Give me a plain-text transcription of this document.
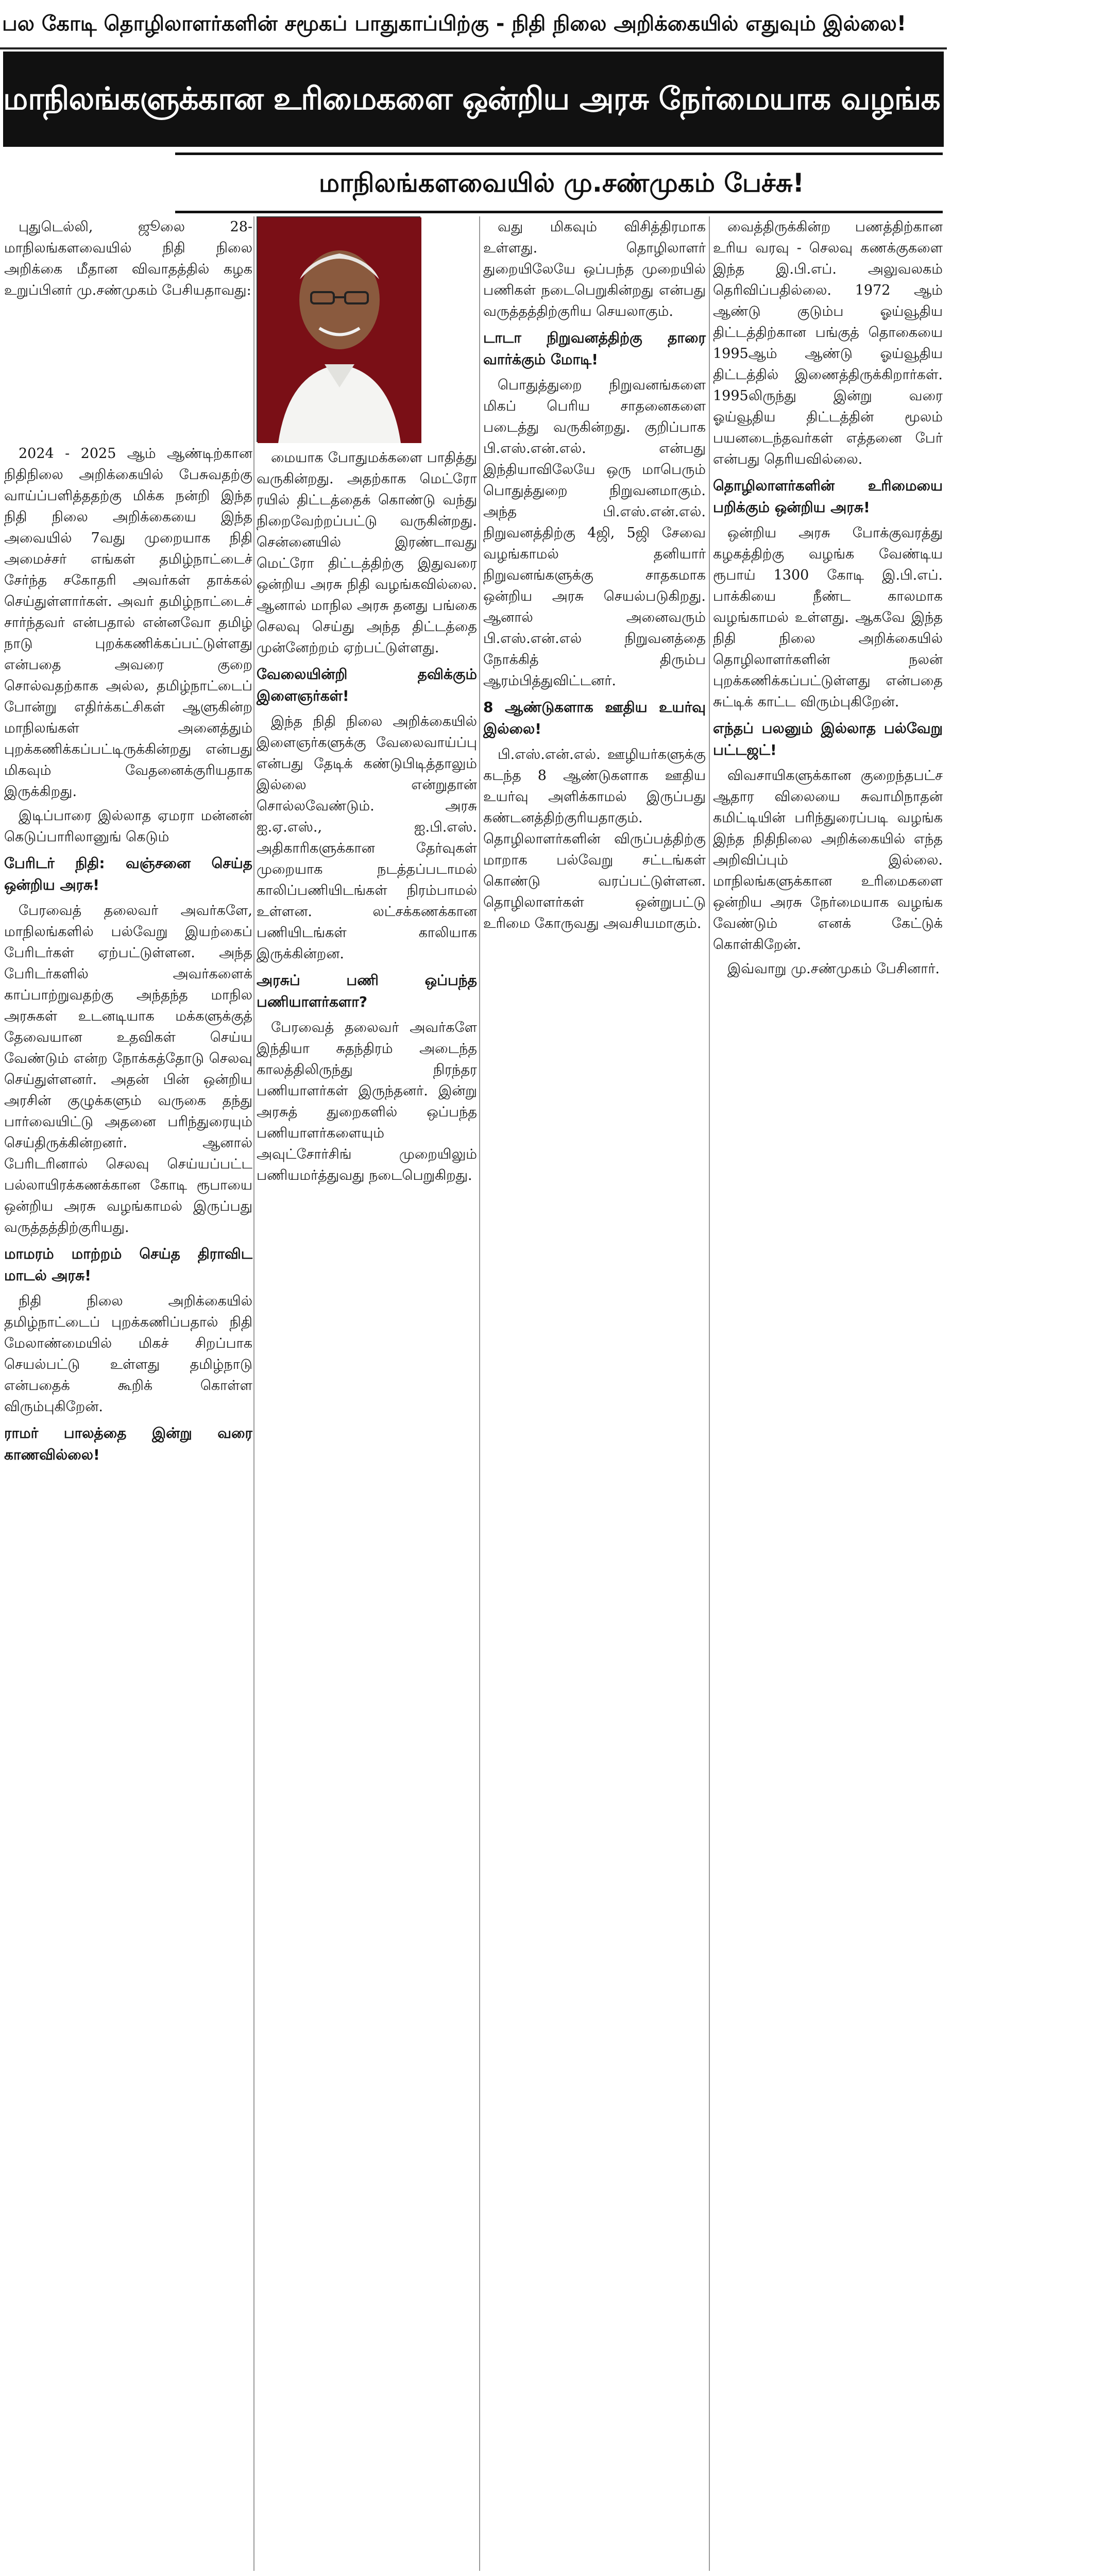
பல கோடி தொழிலாளர்களின் சமூகப் பாதுகாப்பிற்கு - நிதி நிலை அறிக்கையில் எதுவும் இல்லை!
மாநிலங்களுக்கான உரிமைகளை ஒன்றிய அரசு நேர்மையாக வழங்க வேண்டும்!
மாநிலங்களவையில் மு.சண்முகம் பேச்சு!

புதுடெல்லி, ஜூலை 28- மாநிலங்களவையில் நிதி நிலை அறிக்கை மீதான விவாதத்தில் கழக உறுப்பினர் மு.சண்முகம் பேசியதாவது:

2024 - 2025 ஆம் ஆண்டிற்கான நிதிநிலை அறிக்கையில் பேசுவதற்கு வாய்ப்பளித்ததற்கு மிக்க நன்றி இந்த நிதி நிலை அறிக்கையை இந்த அவையில் 7வது முறையாக நிதி அமைச்சர் எங்கள் தமிழ்நாட்டைச் சேர்ந்த சகோதரி அவர்கள் தாக்கல் செய்துள்ளார்கள். அவர் தமிழ்நாட்டைச் சார்ந்தவர் என்பதால் என்னவோ தமிழ் நாடு புறக்கணிக்கப்பட்டுள்ளது என்பதை அவரை குறை சொல்வதற்காக அல்ல, தமிழ்நாட்டைப் போன்று எதிர்க்கட்சிகள் ஆளுகின்ற மாநிலங்கள் அனைத்தும் புறக்கணிக்கப்பட்டிருக்கின்றது என்பது மிகவும் வேதனைக்குரியதாக இருக்கிறது.

இடிப்பாரை இல்லாத ஏமரா மன்னன் கெடுப்பாரிலானுங் கெடும்

பேரிடர் நிதி: வஞ்சனை செய்த ஒன்றிய அரசு!

பேரவைத் தலைவர் அவர்களே, மாநிலங்களில் பல்வேறு இயற்கைப் பேரிடர்கள் ஏற்பட்டுள்ளன. அந்த பேரிடர்களில் அவர்களைக் காப்பாற்றுவதற்கு அந்தந்த மாநில அரசுகள் உடனடியாக மக்களுக்குத் தேவையான உதவிகள் செய்ய வேண்டும் என்ற நோக்கத்தோடு செலவு செய்துள்ளனர். அதன் பின் ஒன்றிய அரசின் குழுக்களும் வருகை தந்து பார்வையிட்டு அதனை பரிந்துரையும் செய்திருக்கின்றனர். ஆனால் பேரிடரினால் செலவு செய்யப்பட்ட பல்லாயிரக்கணக்கான கோடி ரூபாயை ஒன்றிய அரசு வழங்காமல் இருப்பது வருத்தத்திற்குரியது.

மாமரம் மாற்றம் செய்த திராவிட மாடல் அரசு!

நிதி நிலை அறிக்கையில் தமிழ்நாட்டைப் புறக்கணிப்பதால் நிதி மேலாண்மையில் மிகச் சிறப்பாக செயல்பட்டு உள்ளது தமிழ்நாடு என்பதைக் கூறிக் கொள்ள விரும்புகிறேன்.

ராமர் பாலத்தை இன்று வரை காணவில்லை!

மையாக போதுமக்களை பாதித்து வருகின்றது. அதற்காக மெட்ரோ ரயில் திட்டத்தைக் கொண்டு வந்து நிறைவேற்றப்பட்டு வருகின்றது. சென்னையில் இரண்டாவது மெட்ரோ திட்டத்திற்கு இதுவரை ஒன்றிய அரசு நிதி வழங்கவில்லை. ஆனால் மாநில அரசு தனது பங்கை செலவு செய்து அந்த திட்டத்தை முன்னேற்றம் ஏற்பட்டுள்ளது.

வேலையின்றி தவிக்கும் இளைஞர்கள்!

இந்த நிதி நிலை அறிக்கையில் இளைஞர்களுக்கு வேலைவாய்ப்பு என்பது தேடிக் கண்டுபிடித்தாலும் இல்லை என்றுதான் சொல்லவேண்டும். அரசு ஐ.ஏ.எஸ்., ஐ.பி.எஸ். அதிகாரிகளுக்கான தேர்வுகள் முறையாக நடத்தப்படாமல் காலிப்பணியிடங்கள் நிரம்பாமல் உள்ளன. லட்சக்கணக்கான பணியிடங்கள் காலியாக இருக்கின்றன.

அரசுப் பணி ஒப்பந்த பணியாளர்களா?

பேரவைத் தலைவர் அவர்களே இந்தியா சுதந்திரம் அடைந்த காலத்திலிருந்து நிரந்தர பணியாளர்கள் இருந்தனர். இன்று அரசுத் துறைகளில் ஒப்பந்த பணியாளர்களையும் அவுட்சோர்சிங் முறையிலும் பணியமர்த்துவது நடைபெறுகிறது.

வது மிகவும் விசித்திரமாக உள்ளது. தொழிலாளர் துறையிலேயே ஒப்பந்த முறையில் பணிகள் நடைபெறுகின்றது என்பது வருத்தத்திற்குரிய செயலாகும்.

டாடா நிறுவனத்திற்கு தாரை வார்க்கும் மோடி!

பொதுத்துறை நிறுவனங்களை மிகப் பெரிய சாதனைகளை படைத்து வருகின்றது. குறிப்பாக பி.எஸ்.என்.எல். என்பது இந்தியாவிலேயே ஒரு மாபெரும் பொதுத்துறை நிறுவனமாகும். அந்த பி.எஸ்.என்.எல். நிறுவனத்திற்கு 4ஜி, 5ஜி சேவை வழங்காமல் தனியார் நிறுவனங்களுக்கு சாதகமாக ஒன்றிய அரசு செயல்படுகிறது. ஆனால் அனைவரும் பி.எஸ்.என்.எல் நிறுவனத்தை நோக்கித் திரும்ப ஆரம்பித்துவிட்டனர்.

8 ஆண்டுகளாக ஊதிய உயர்வு இல்லை!

பி.எஸ்.என்.எல். ஊழியர்களுக்கு கடந்த 8 ஆண்டுகளாக ஊதிய உயர்வு அளிக்காமல் இருப்பது கண்டனத்திற்குரியதாகும். தொழிலாளர்களின் விருப்பத்திற்கு மாறாக பல்வேறு சட்டங்கள் கொண்டு வரப்பட்டுள்ளன. தொழிலாளர்கள் ஒன்றுபட்டு உரிமை கோருவது அவசியமாகும்.

வைத்திருக்கின்ற பணத்திற்கான உரிய வரவு - செலவு கணக்குகளை இந்த இ.பி.எப். அலுவலகம் தெரிவிப்பதில்லை. 1972 ஆம் ஆண்டு குடும்ப ஓய்வூதிய திட்டத்திற்கான பங்குத் தொகையை 1995ஆம் ஆண்டு ஓய்வூதிய திட்டத்தில் இணைத்திருக்கிறார்கள். 1995லிருந்து இன்று வரை ஓய்வூதிய திட்டத்தின் மூலம் பயனடைந்தவர்கள் எத்தனை பேர் என்பது தெரியவில்லை.

தொழிலாளர்களின் உரிமையை பறிக்கும் ஒன்றிய அரசு!

ஒன்றிய அரசு போக்குவரத்து கழகத்திற்கு வழங்க வேண்டிய ரூபாய் 1300 கோடி இ.பி.எப். பாக்கியை நீண்ட காலமாக வழங்காமல் உள்ளது. ஆகவே இந்த நிதி நிலை அறிக்கையில் தொழிலாளர்களின் நலன் புறக்கணிக்கப்பட்டுள்ளது என்பதை சுட்டிக் காட்ட விரும்புகிறேன்.

எந்தப் பலனும் இல்லாத பல்வேறு பட்டஜட்!

விவசாயிகளுக்கான குறைந்தபட்ச ஆதார விலையை சுவாமிநாதன் கமிட்டியின் பரிந்துரைப்படி வழங்க இந்த நிதிநிலை அறிக்கையில் எந்த அறிவிப்பும் இல்லை. மாநிலங்களுக்கான உரிமைகளை ஒன்றிய அரசு நேர்மையாக வழங்க வேண்டும் எனக் கேட்டுக் கொள்கிறேன்.

இவ்வாறு மு.சண்முகம் பேசினார்.
